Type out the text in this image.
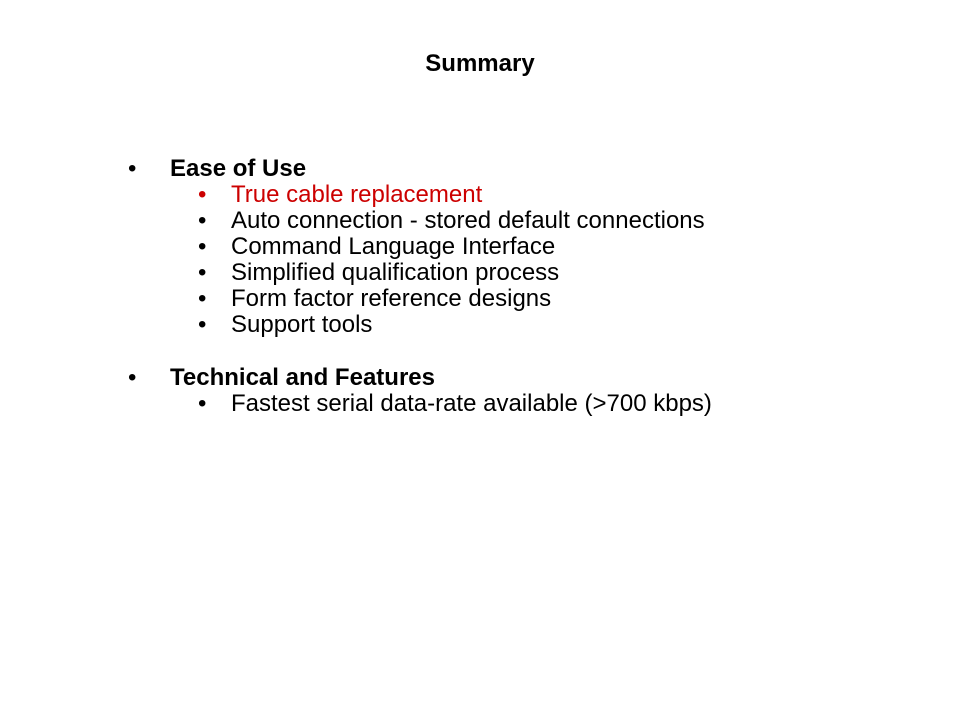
Summary
•	Ease of Use
•	True cable replacement
•	Auto connection - stored default connections
•	Command Language Interface
•	Simplified qualification process
•	Form factor reference designs
•	Support tools
•	Technical and Features
•	Fastest serial data-rate available (>700 kbps)
